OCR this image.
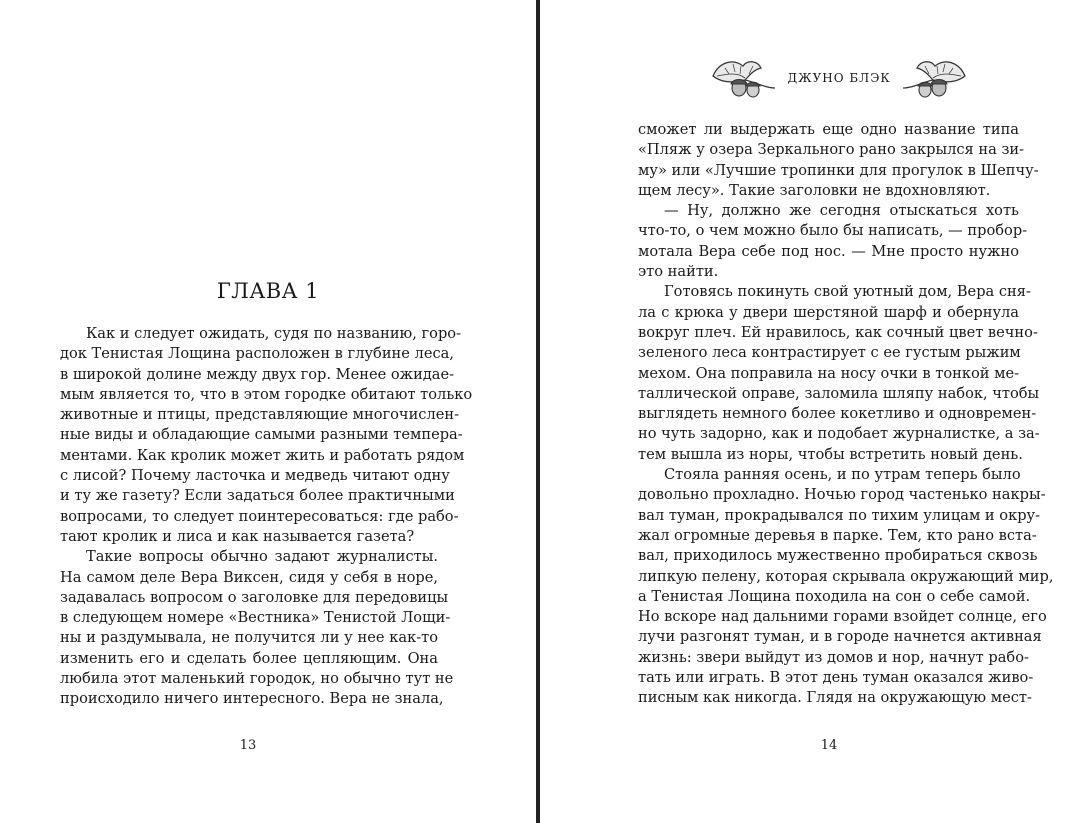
ГЛАВА 1
Как и следует ожидать, судя по названию, горо-
док Тенистая Лощина расположен в глубине леса,
в широкой долине между двух гор. Менее ожидае-
мым является то, что в этом городке обитают только
животные и птицы, представляющие многочислен-
ные виды и обладающие самыми разными темпера-
ментами. Как кролик может жить и работать рядом
с лисой? Почему ласточка и медведь читают одну
и ту же газету? Если задаться более практичными
вопросами, то следует поинтересоваться: где рабо-
тают кролик и лиса и как называется газета?
Такие вопросы обычно задают журналисты.
На самом деле Вера Виксен, сидя у себя в норе,
задавалась вопросом о заголовке для передовицы
в следующем номере «Вестника» Тенистой Лощи-
ны и раздумывала, не получится ли у нее как-то
изменить его и сделать более цепляющим. Она
любила этот маленький городок, но обычно тут не
происходило ничего интересного. Вера не знала,
13
ДЖУНО БЛЭК
сможет ли выдержать еще одно название типа
«Пляж у озера Зеркального рано закрылся на зи-
му» или «Лучшие тропинки для прогулок в Шепчу-
щем лесу». Такие заголовки не вдохновляют.
— Ну, должно же сегодня отыскаться хоть
что-то, о чем можно было бы написать, — пробор-
мотала Вера себе под нос. — Мне просто нужно
это найти.
Готовясь покинуть свой уютный дом, Вера сня-
ла с крюка у двери шерстяной шарф и обернула
вокруг плеч. Ей нравилось, как сочный цвет вечно-
зеленого леса контрастирует с ее густым рыжим
мехом. Она поправила на носу очки в тонкой ме-
таллической оправе, заломила шляпу набок, чтобы
выглядеть немного более кокетливо и одновремен-
но чуть задорно, как и подобает журналистке, а за-
тем вышла из норы, чтобы встретить новый день.
Стояла ранняя осень, и по утрам теперь было
довольно прохладно. Ночью город частенько накры-
вал туман, прокрадывался по тихим улицам и окру-
жал огромные деревья в парке. Тем, кто рано вста-
вал, приходилось мужественно пробираться сквозь
липкую пелену, которая скрывала окружающий мир,
а Тенистая Лощина походила на сон о себе самой.
Но вскоре над дальними горами взойдет солнце, его
лучи разгонят туман, и в городе начнется активная
жизнь: звери выйдут из домов и нор, начнут рабо-
тать или играть. В этот день туман оказался живо-
писным как никогда. Глядя на окружающую мест-
14
